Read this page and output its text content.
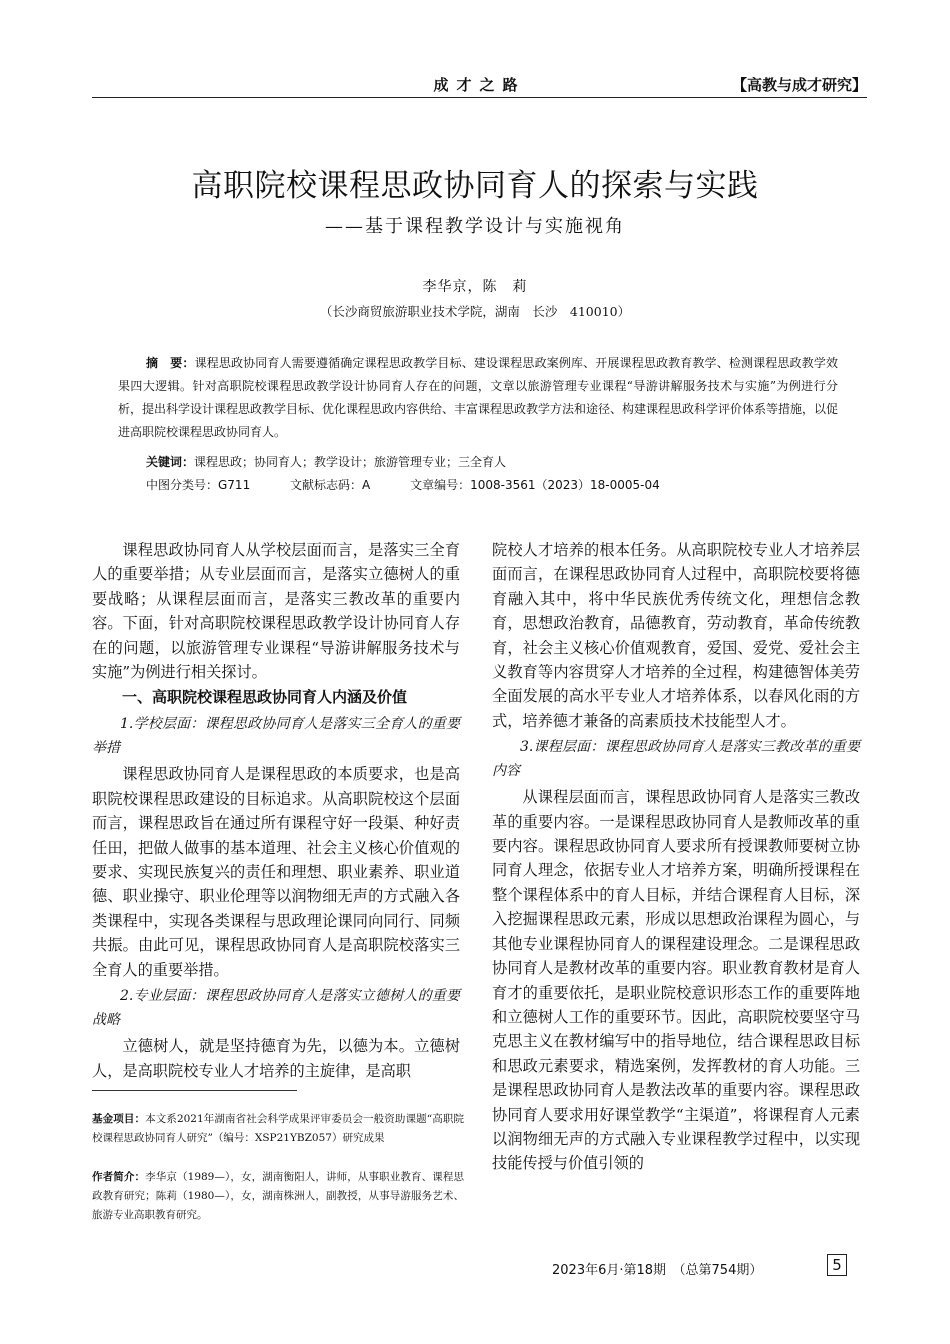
成才之路	【高教与成才研究】
高职院校课程思政协同育人的探索与实践
——基于课程教学设计与实施视角
李华京，陈　莉
（长沙商贸旅游职业技术学院，湖南　长沙　410010）
摘　要：课程思政协同育人需要遵循确定课程思政教学目标、建设课程思政案例库、开展课程思政教育教学、检测课程思政教学效果四大逻辑。针对高职院校课程思政教学设计协同育人存在的问题，文章以旅游管理专业课程“导游讲解服务技术与实施”为例进行分析，提出科学设计课程思政教学目标、优化课程思政内容供给、丰富课程思政教学方法和途径、构建课程思政科学评价体系等措施，以促进高职院校课程思政协同育人。
关键词：课程思政；协同育人；教学设计；旅游管理专业；三全育人
中图分类号：G711	文献标志码：A	文章编号：1008-3561（2023）18-0005-04

课程思政协同育人从学校层面而言，是落实三全育人的重要举措；从专业层面而言，是落实立德树人的重要战略；从课程层面而言，是落实三教改革的重要内容。下面，针对高职院校课程思政教学设计协同育人存在的问题，以旅游管理专业课程“导游讲解服务技术与实施”为例进行相关探讨。

一、高职院校课程思政协同育人内涵及价值
1.学校层面：课程思政协同育人是落实三全育人的重要举措

课程思政协同育人是课程思政的本质要求，也是高职院校课程思政建设的目标追求。从高职院校这个层面而言，课程思政旨在通过所有课程守好一段渠、种好责任田，把做人做事的基本道理、社会主义核心价值观的要求、实现民族复兴的责任和理想、职业素养、职业道德、职业操守、职业伦理等以润物细无声的方式融入各类课程中，实现各类课程与思政理论课同向同行、同频共振。由此可见，课程思政协同育人是高职院校落实三全育人的重要举措。

2.专业层面：课程思政协同育人是落实立德树人的重要战略

立德树人，就是坚持德育为先，以德为本。立德树人，是高职院校专业人才培养的主旋律，是高职

院校人才培养的根本任务。从高职院校专业人才培养层面而言，在课程思政协同育人过程中，高职院校要将德育融入其中，将中华民族优秀传统文化，理想信念教育，思想政治教育，品德教育，劳动教育，革命传统教育，社会主义核心价值观教育，爱国、爱党、爱社会主义教育等内容贯穿人才培养的全过程，构建德智体美劳全面发展的高水平专业人才培养体系，以春风化雨的方式，培养德才兼备的高素质技术技能型人才。

3.课程层面：课程思政协同育人是落实三教改革的重要内容

从课程层面而言，课程思政协同育人是落实三教改革的重要内容。一是课程思政协同育人是教师改革的重要内容。课程思政协同育人要求所有授课教师要树立协同育人理念，依据专业人才培养方案，明确所授课程在整个课程体系中的育人目标，并结合课程育人目标，深入挖掘课程思政元素，形成以思想政治课程为圆心，与其他专业课程协同育人的课程建设理念。二是课程思政协同育人是教材改革的重要内容。职业教育教材是育人育才的重要依托，是职业院校意识形态工作的重要阵地和立德树人工作的重要环节。因此，高职院校要坚守马克思主义在教材编写中的指导地位，结合课程思政目标和思政元素要求，精选案例，发挥教材的育人功能。三是课程思政协同育人是教法改革的重要内容。课程思政协同育人要求用好课堂教学“主渠道”，将课程育人元素以润物细无声的方式融入专业课程教学过程中，以实现技能传授与价值引领的

基金项目：本文系2021年湖南省社会科学成果评审委员会一般资助课题“高职院校课程思政协同育人研究”（编号：XSP21YBZ057）研究成果
作者简介：李华京（1989—），女，湖南衡阳人，讲师，从事职业教育、课程思政教育研究；陈莉（1980—），女，湖南株洲人，副教授，从事导游服务艺术、旅游专业高职教育研究。
2023年6月·第18期　（总第754期）	5
